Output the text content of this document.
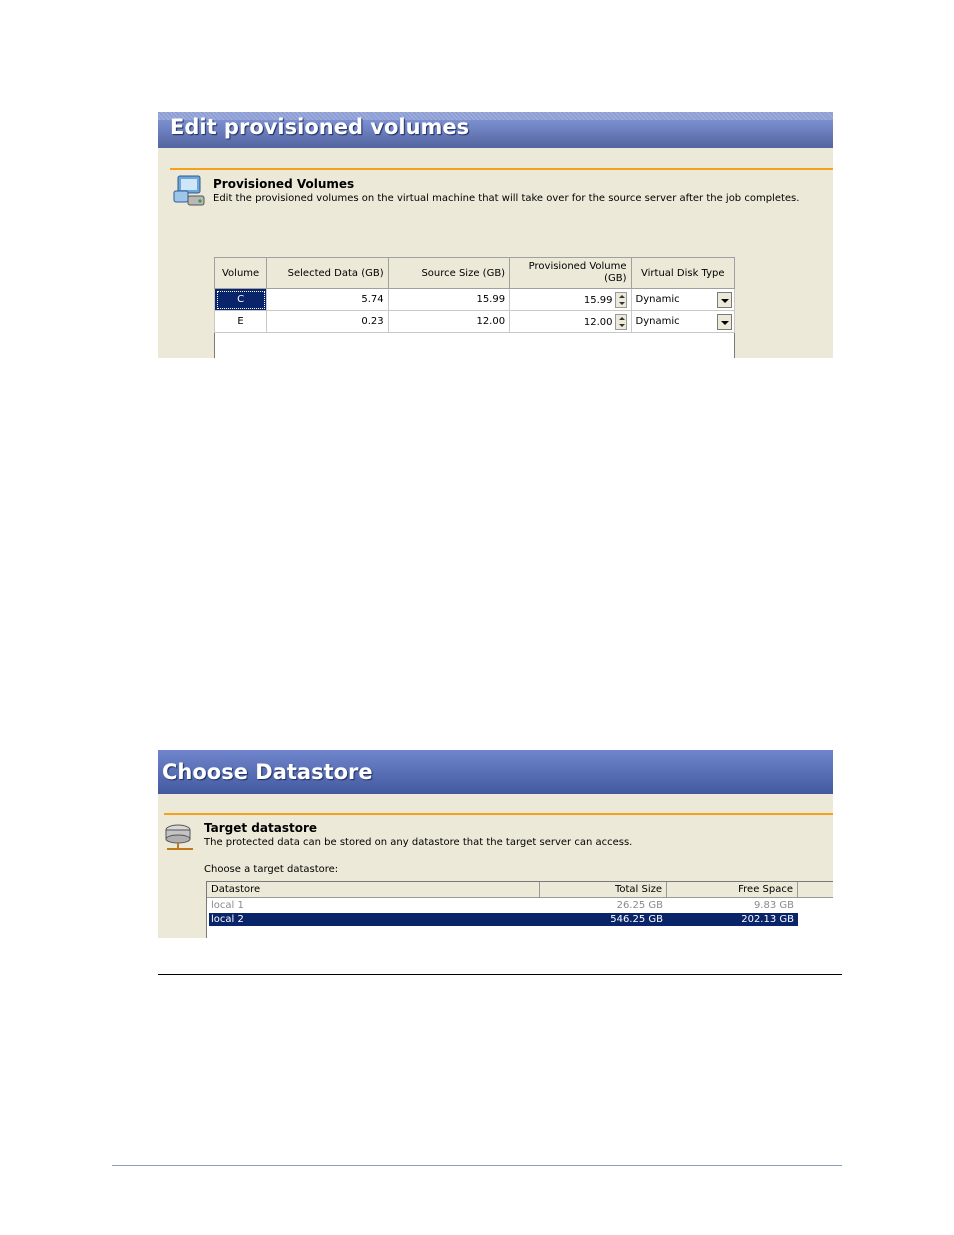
Edit provisioned volumes
Provisioned Volumes
Edit the provisioned volumes on the virtual machine that will take over for the source server after the job completes.
Volume	Selected Data (GB)	Source Size (GB)	Provisioned Volume (GB)	Virtual Disk Type
C	5.74	15.99	15.99	Dynamic

E	0.23	12.00	12.00	Dynamic

Choose Datastore
Target datastore
The protected data can be stored on any datastore that the target server can access.
Choose a target datastore:
Datastore	Total Size	Free Space
local 1	26.25 GB	9.83 GB
local 2	546.25 GB	202.13 GB
